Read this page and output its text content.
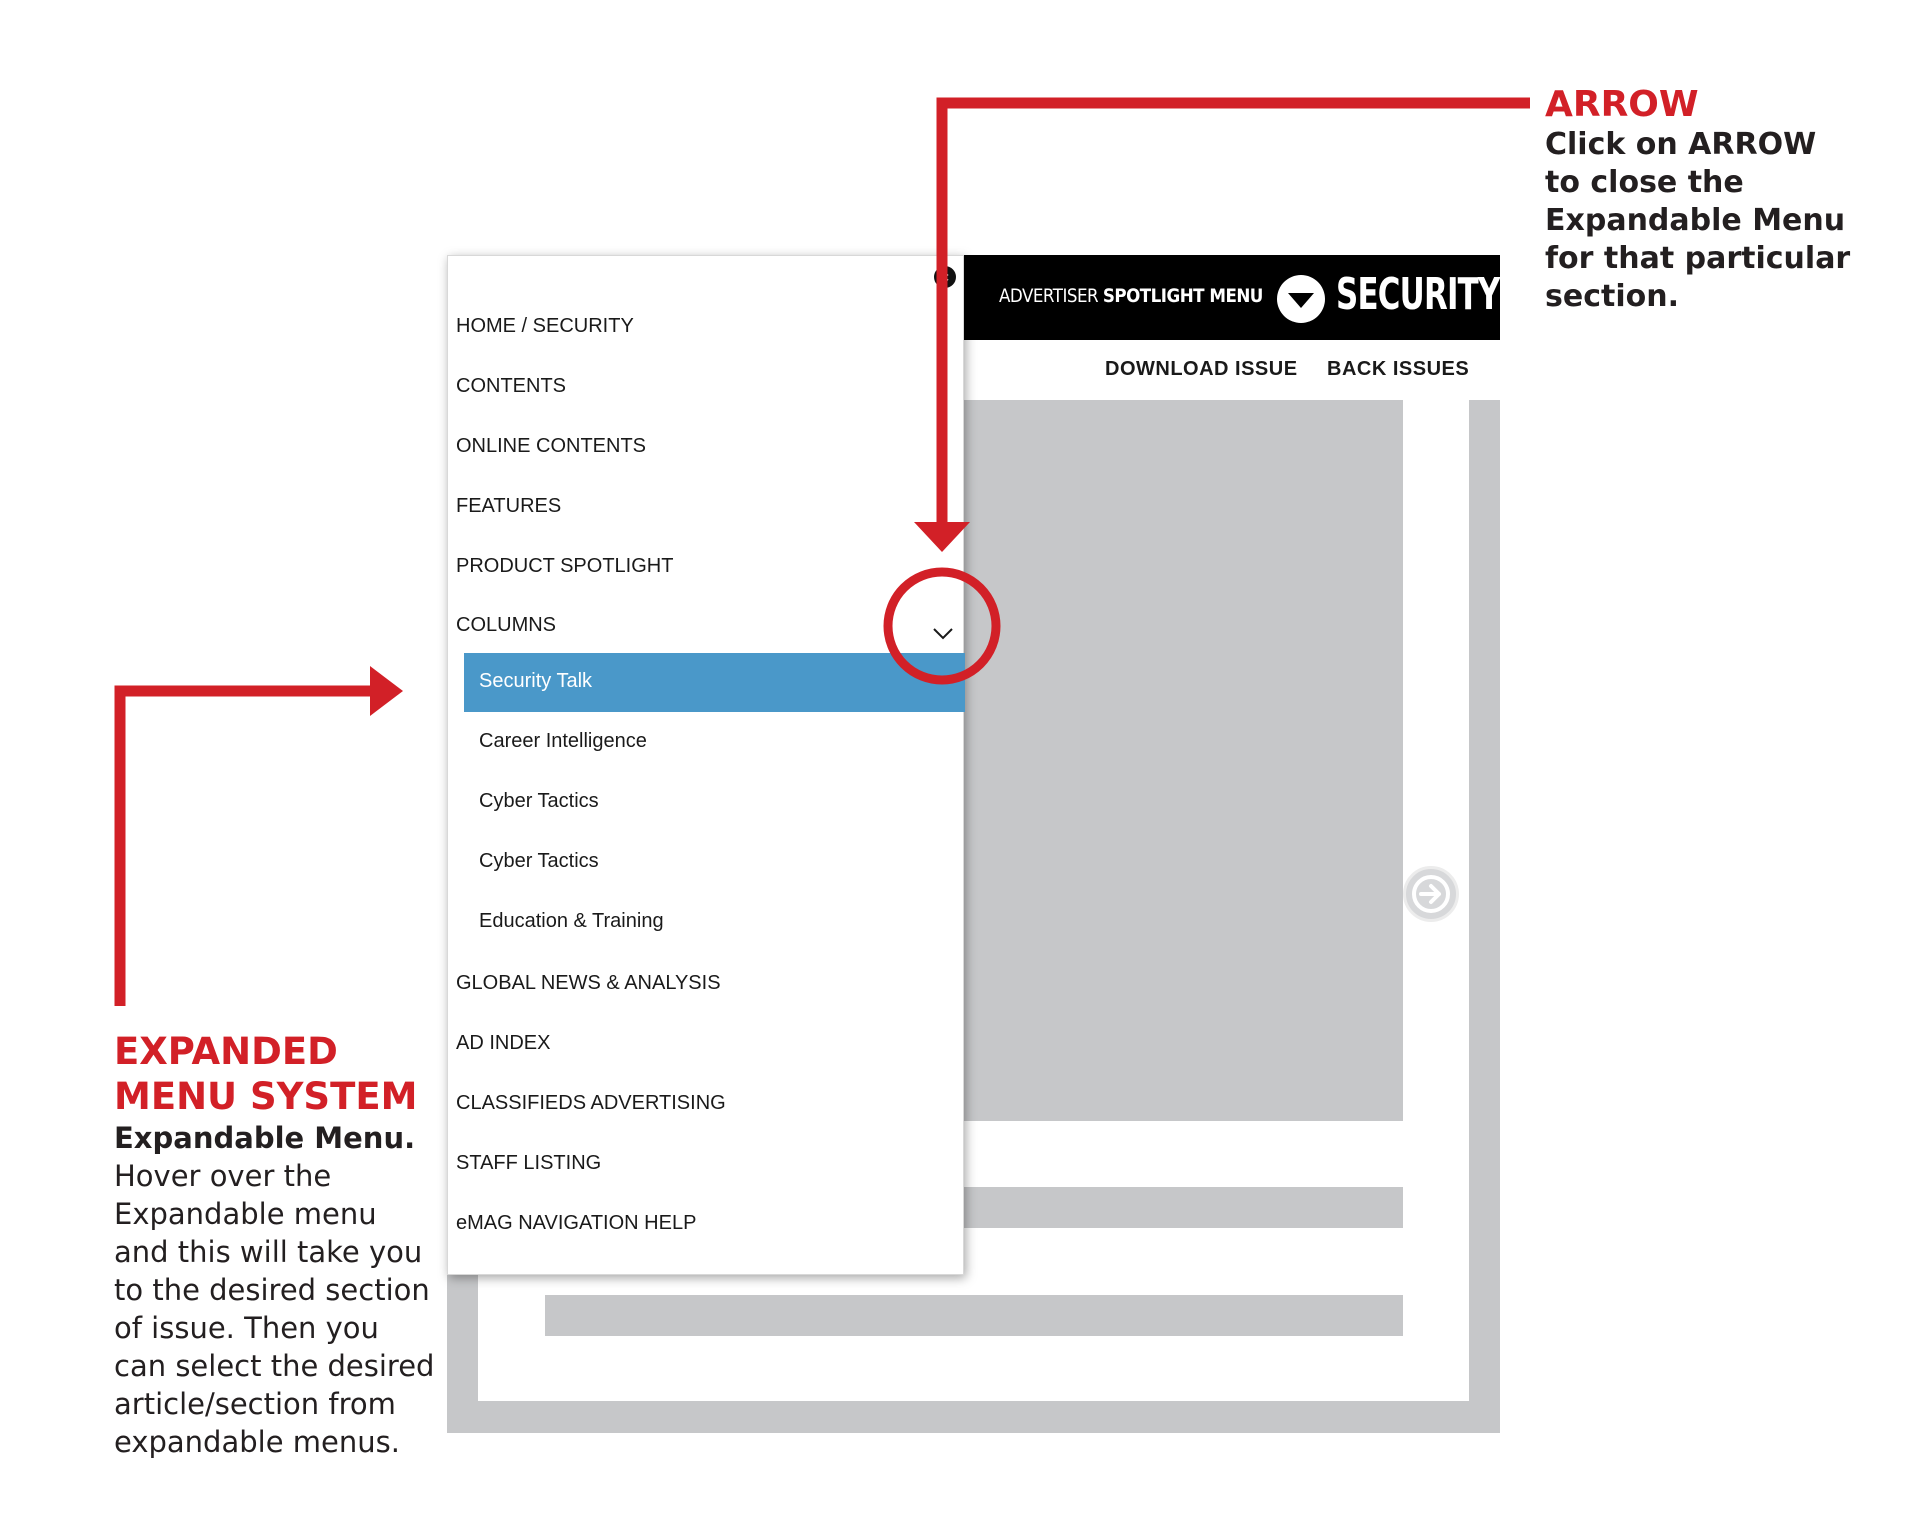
ADVERTISER SPOTLIGHT MENU SECURITY
DOWNLOAD ISSUE BACK ISSUES
×
HOME / SECURITY
CONTENTS
ONLINE CONTENTS
FEATURES
PRODUCT SPOTLIGHT
COLUMNS
Security Talk
Career Intelligence
Cyber Tactics
Cyber Tactics
Education & Training
GLOBAL NEWS & ANALYSIS
AD INDEX
CLASSIFIEDS ADVERTISING
STAFF LISTING
eMAG NAVIGATION HELP
ARROW
Click on ARROW
to close the
Expandable Menu
for that particular
section.
EXPANDED
MENU SYSTEM
Expandable Menu.
Hover over the
Expandable menu
and this will take you
to the desired section
of issue. Then you
can select the desired
article/section from
expandable menus.
